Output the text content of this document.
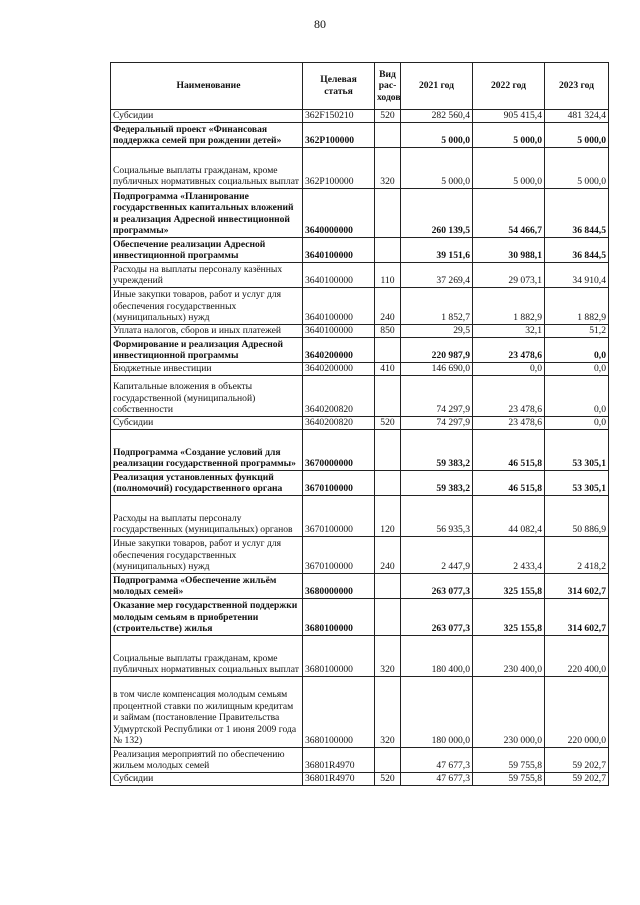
80
Наименование	Целевая статья	Вид рас-ходов	2021 год	2022 год	2023 год
Субсидии	362F150210	520	282 560,4	905 415,4	481 324,4
Федеральный проект «Финансовая поддержка семей при рождении детей»	362P100000		5 000,0	5 000,0	5 000,0
Социальные выплаты гражданам, кроме публичных нормативных социальных выплат	362P100000	320	5 000,0	5 000,0	5 000,0
Подпрограмма «Планирование государственных капитальных вложений и реализация Адресной инвестиционной программы»	3640000000		260 139,5	54 466,7	36 844,5
Обеспечение реализации Адресной инвестиционной программы	3640100000		39 151,6	30 988,1	36 844,5
Расходы на выплаты персоналу казённых учреждений	3640100000	110	37 269,4	29 073,1	34 910,4
Иные закупки товаров, работ и услуг для обеспечения государственных (муниципальных) нужд	3640100000	240	1 852,7	1 882,9	1 882,9
Уплата налогов, сборов и иных платежей	3640100000	850	29,5	32,1	51,2
Формирование и реализация Адресной инвестиционной программы	3640200000		220 987,9	23 478,6	0,0
Бюджетные инвестиции	3640200000	410	146 690,0	0,0	0,0
Капитальные вложения в объекты государственной (муниципальной) собственности	3640200820		74 297,9	23 478,6	0,0
Субсидии	3640200820	520	74 297,9	23 478,6	0,0
Подпрограмма «Создание условий для реализации государственной программы»	3670000000		59 383,2	46 515,8	53 305,1
Реализация установленных функций (полномочий) государственного органа	3670100000		59 383,2	46 515,8	53 305,1
Расходы на выплаты персоналу государственных (муниципальных) органов	3670100000	120	56 935,3	44 082,4	50 886,9
Иные закупки товаров, работ и услуг для обеспечения государственных (муниципальных) нужд	3670100000	240	2 447,9	2 433,4	2 418,2
Подпрограмма «Обеспечение жильём молодых семей»	3680000000		263 077,3	325 155,8	314 602,7
Оказание мер государственной поддержки молодым семьям в приобретении (строительстве) жилья	3680100000		263 077,3	325 155,8	314 602,7
Социальные выплаты гражданам, кроме публичных нормативных социальных выплат	3680100000	320	180 400,0	230 400,0	220 400,0
в том числе компенсация молодым семьям процентной ставки по жилищным кредитам и займам (постановление Правительства Удмуртской Республики от 1 июня 2009 года № 132)	3680100000	320	180 000,0	230 000,0	220 000,0
Реализация мероприятий по обеспечению жильем молодых семей	36801R4970		47 677,3	59 755,8	59 202,7
Субсидии	36801R4970	520	47 677,3	59 755,8	59 202,7
